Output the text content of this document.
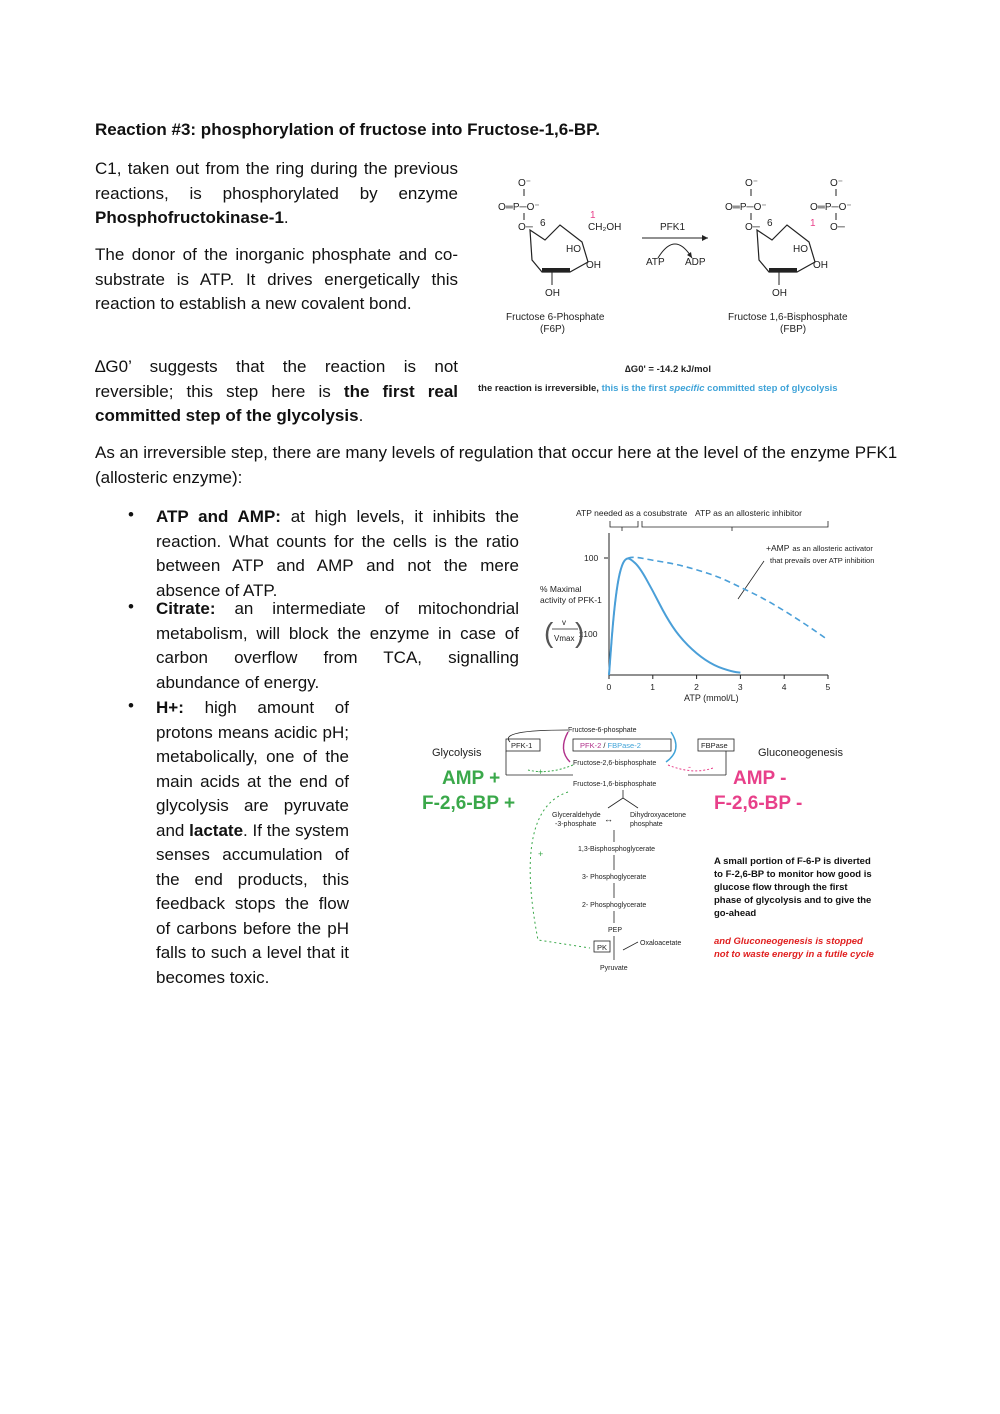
Reaction #3: phosphorylation of fructose into Fructose-1,6-BP.
C1, taken out from the ring during the previous reactions, is phosphorylated by enzyme Phosphofructokinase-1.
The donor of the inorganic phosphate and co-substrate is ATP. It drives energetically this reaction to establish a new covalent bond.
∆G0’ suggests that the reaction is not reversible; this step here is the first real committed step of the glycolysis.
As an irreversible step, there are many levels of regulation that occur here at the level of the enzyme PFK1 (allosteric enzyme):
• ATP and AMP: at high levels, it inhibits the reaction. What counts for the cells is the ratio between ATP and AMP and not the mere absence of ATP.
• Citrate: an intermediate of mitochondrial metabolism, will block the enzyme in case of carbon overflow from TCA, signalling abundance of energy.
• H+: high amount of protons means acidic pH; metabolically, one of the main acids at the end of glycolysis are pyruvate and lactate. If the system senses accumulation of the end products, this feedback stops the flow of carbons before the pH falls to such a level that it becomes toxic.
O⁻
O═P─O⁻
O─ 6
1
CH₂OH
HO
OH
OH
Fructose 6-Phosphate
(F6P)
PFK1
ATP ADP
O⁻
O═P─O⁻
O─ 6
O⁻
O═P─O⁻
1 O─
HO
OH
OH
Fructose 1,6-Bisphosphate
(FBP)
∆G0' = -14.2 kJ/mol
the reaction is irreversible, this is the first specific committed step of glycolysis
ATP needed as a cosubstrate ATP as an allosteric inhibitor
% Maximal
activity of PFK-1
v
Vmax x100
( )
100
ATP (mmol/L)
+AMP as an allosteric activator
that prevails over ATP inhibition
0	1	2	3	4	5
Fructose-6-phosphate
PFK-1	PFK-2 / FBPase-2	FBPase
Fructose-2,6-bisphosphate
+	-
Fructose-1,6-bisphosphate
Glyceraldehyde
-3-phosphate
↔ Dihydroxyacetone
phosphate
1,3-Bisphosphoglycerate
3- Phosphoglycerate
2- Phosphoglycerate
PEP
Oxaloacetate
PK
Pyruvate
+
Glycolysis	Gluconeogenesis
AMP +
F-2,6-BP +
AMP -
F-2,6-BP -
A small portion of F-6-P is diverted
to F-2,6-BP to monitor how good is
glucose flow through the first
phase of glycolysis and to give the
go-ahead
and Gluconeogenesis is stopped
not to waste energy in a futile cycle
